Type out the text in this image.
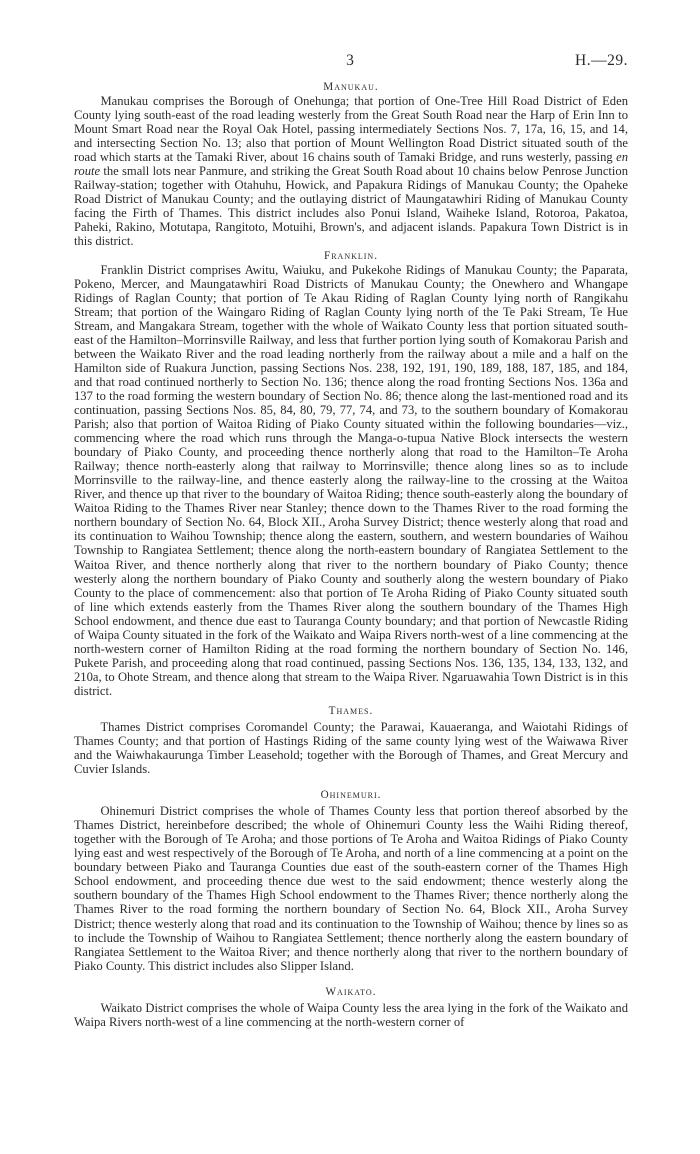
3	H.—29.
Manukau.

Manukau comprises the Borough of Onehunga; that portion of One-Tree Hill Road District of Eden County lying south-east of the road leading westerly from the Great South Road near the Harp of Erin Inn to Mount Smart Road near the Royal Oak Hotel, passing intermediately Sections Nos. 7, 17a, 16, 15, and 14, and intersecting Section No. 13; also that portion of Mount Wellington Road District situated south of the road which starts at the Tamaki River, about 16 chains south of Tamaki Bridge, and runs westerly, passing en route the small lots near Panmure, and striking the Great South Road about 10 chains below Penrose Junction Railway-station; together with Otahuhu, Howick, and Papakura Ridings of Manukau County; the Opaheke Road District of Manukau County; and the outlaying district of Maungatawhiri Riding of Manukau County facing the Firth of Thames. This district includes also Ponui Island, Waiheke Island, Rotoroa, Pakatoa, Paheki, Rakino, Motutapa, Rangitoto, Motuihi, Brown's, and adjacent islands. Papakura Town District is in this district.

Franklin.

Franklin District comprises Awitu, Waiuku, and Pukekohe Ridings of Manukau County; the Paparata, Pokeno, Mercer, and Maungatawhiri Road Districts of Manukau County; the Onewhero and Whangape Ridings of Raglan County; that portion of Te Akau Riding of Raglan County lying north of Rangikahu Stream; that portion of the Waingaro Riding of Raglan County lying north of the Te Paki Stream, Te Hue Stream, and Mangakara Stream, together with the whole of Waikato County less that portion situated south-east of the Hamilton–Morrinsville Railway, and less that further portion lying south of Komakorau Parish and between the Waikato River and the road leading northerly from the railway about a mile and a half on the Hamilton side of Ruakura Junction, passing Sections Nos. 238, 192, 191, 190, 189, 188, 187, 185, and 184, and that road continued northerly to Section No. 136; thence along the road fronting Sections Nos. 136a and 137 to the road forming the western boundary of Section No. 86; thence along the last-mentioned road and its continuation, passing Sections Nos. 85, 84, 80, 79, 77, 74, and 73, to the southern boundary of Komakorau Parish; also that portion of Waitoa Riding of Piako County situated within the following boundaries—viz., commencing where the road which runs through the Manga-o-tupua Native Block intersects the western boundary of Piako County, and proceeding thence northerly along that road to the Hamilton–Te Aroha Railway; thence north-easterly along that railway to Morrinsville; thence along lines so as to include Morrinsville to the railway-line, and thence easterly along the railway-line to the crossing at the Waitoa River, and thence up that river to the boundary of Waitoa Riding; thence south-easterly along the boundary of Waitoa Riding to the Thames River near Stanley; thence down to the Thames River to the road forming the northern boundary of Section No. 64, Block XII., Aroha Survey District; thence westerly along that road and its continuation to Waihou Township; thence along the eastern, southern, and western boundaries of Waihou Township to Rangiatea Settlement; thence along the north-eastern boundary of Rangiatea Settlement to the Waitoa River, and thence northerly along that river to the northern boundary of Piako County; thence westerly along the northern boundary of Piako County and southerly along the western boundary of Piako County to the place of commencement: also that portion of Te Aroha Riding of Piako County situated south of line which extends easterly from the Thames River along the southern boundary of the Thames High School endowment, and thence due east to Tauranga County boundary; and that portion of Newcastle Riding of Waipa County situated in the fork of the Waikato and Waipa Rivers north-west of a line commencing at the north-western corner of Hamilton Riding at the road forming the northern boundary of Section No. 146, Pukete Parish, and proceeding along that road continued, passing Sections Nos. 136, 135, 134, 133, 132, and 210a, to Ohote Stream, and thence along that stream to the Waipa River. Ngaruawahia Town District is in this district.

Thames.

Thames District comprises Coromandel County; the Parawai, Kauaeranga, and Waiotahi Ridings of Thames County; and that portion of Hastings Riding of the same county lying west of the Waiwawa River and the Waiwhakaurunga Timber Leasehold; together with the Borough of Thames, and Great Mercury and Cuvier Islands.

Ohinemuri.

Ohinemuri District comprises the whole of Thames County less that portion thereof absorbed by the Thames District, hereinbefore described; the whole of Ohinemuri County less the Waihi Riding thereof, together with the Borough of Te Aroha; and those portions of Te Aroha and Waitoa Ridings of Piako County lying east and west respectively of the Borough of Te Aroha, and north of a line commencing at a point on the boundary between Piako and Tauranga Counties due east of the south-eastern corner of the Thames High School endowment, and proceeding thence due west to the said endowment; thence westerly along the southern boundary of the Thames High School endowment to the Thames River; thence northerly along the Thames River to the road forming the northern boundary of Section No. 64, Block XII., Aroha Survey District; thence westerly along that road and its continuation to the Township of Waihou; thence by lines so as to include the Township of Waihou to Rangiatea Settlement; thence northerly along the eastern boundary of Rangiatea Settlement to the Waitoa River; and thence northerly along that river to the northern boundary of Piako County. This district includes also Slipper Island.

Waikato.

Waikato District comprises the whole of Waipa County less the area lying in the fork of the Waikato and Waipa Rivers north-west of a line commencing at the north-western corner of
